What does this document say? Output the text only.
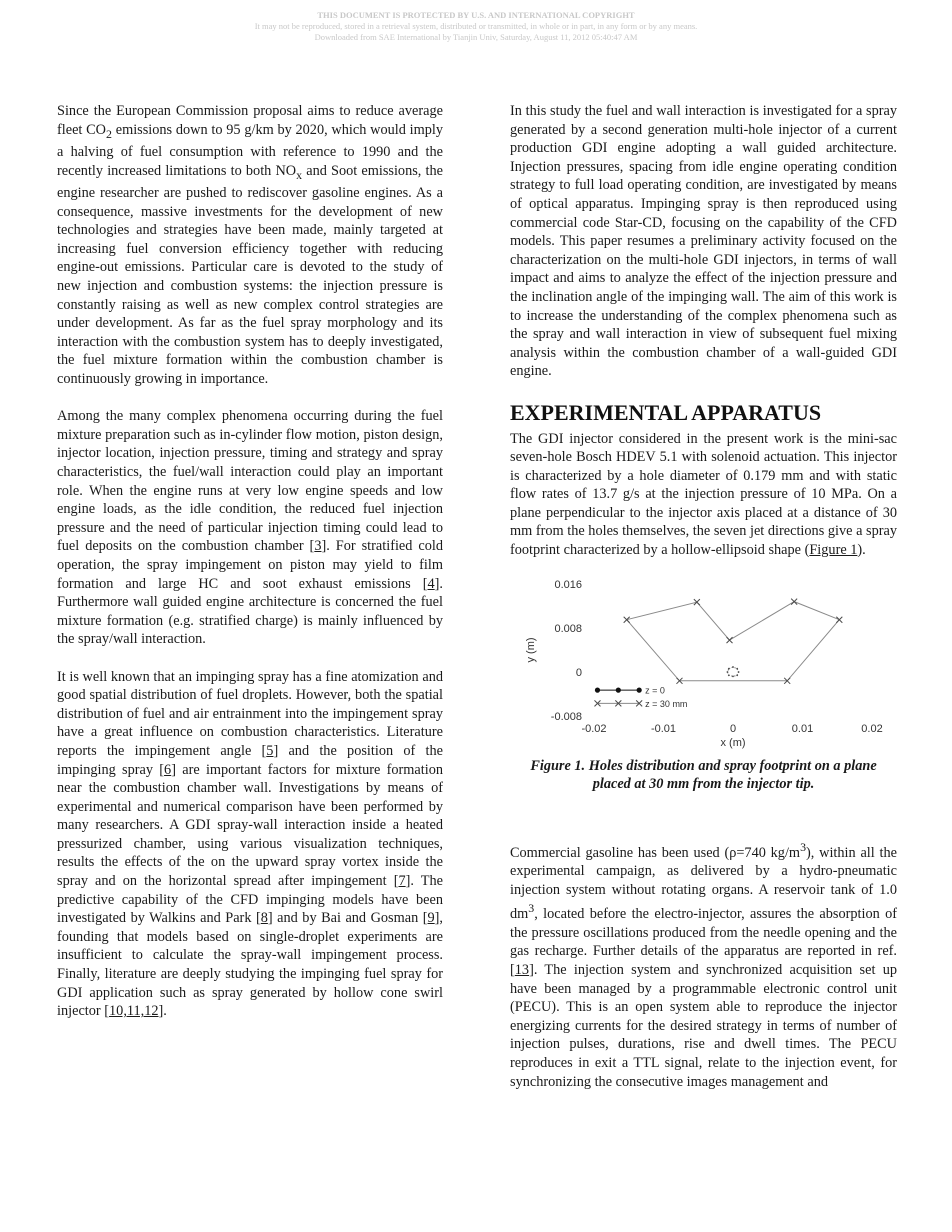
THIS DOCUMENT IS PROTECTED BY U.S. AND INTERNATIONAL COPYRIGHT
It may not be reproduced, stored in a retrieval system, distributed or transmitted, in whole or in part, in any form or by any means.
Downloaded from SAE International by Tianjin Univ, Saturday, August 11, 2012 05:40:47 AM

Since the European Commission proposal aims to reduce average fleet $CO_2$ emissions down to 95 g/km by 2020, which would imply a halving of fuel consumption with reference to 1990 and the recently increased limitations to both $NO_x$ and Soot emissions, the engine researcher are pushed to rediscover gasoline engines. As a consequence, massive investments for the development of new technologies and strategies have been made, mainly targeted at increasing fuel conversion efficiency together with reducing engine-out emissions. Particular care is devoted to the study of new injection and combustion systems: the injection pressure is constantly raising as well as new complex control strategies are under development. As far as the fuel spray morphology and its interaction with the combustion system has to deeply investigated, the fuel mixture formation within the combustion chamber is continuously growing in importance.

Among the many complex phenomena occurring during the fuel mixture preparation such as in-cylinder flow motion, piston design, injector location, injection pressure, timing and strategy and spray characteristics, the fuel/wall interaction could play an important role. When the engine runs at very low engine speeds and low engine loads, as the idle condition, the reduced fuel injection pressure and the need of particular injection timing could lead to fuel deposits on the combustion chamber [3]. For stratified cold operation, the spray impingement on piston may yield to film formation and large HC and soot exhaust emissions [4]. Furthermore wall guided engine architecture is concerned the fuel mixture formation (e.g. stratified charge) is mainly influenced by the spray/wall interaction.

It is well known that an impinging spray has a fine atomization and good spatial distribution of fuel droplets. However, both the spatial distribution of fuel and air entrainment into the impingement spray have a great influence on combustion characteristics. Literature reports the impingement angle [5] and the position of the impinging spray [6] are important factors for mixture formation near the combustion chamber wall. Investigations by means of experimental and numerical comparison have been performed by many researchers. A GDI spray-wall interaction inside a heated pressurized chamber, using various visualization techniques, results the effects of the on the upward spray vortex inside the spray and on the horizontal spread after impingement [7]. The predictive capability of the CFD impinging models have been investigated by Walkins and Park [8] and by Bai and Gosman [9], founding that models based on single-droplet experiments are insufficient to calculate the spray-wall impingement process. Finally, literature are deeply studying the impinging fuel spray for GDI application such as spray generated by hollow cone swirl injector [10,11,12].

In this study the fuel and wall interaction is investigated for a spray generated by a second generation multi-hole injector of a current production GDI engine adopting a wall guided architecture. Injection pressures, spacing from idle engine operating condition strategy to full load operating condition, are investigated by means of optical apparatus. Impinging spray is then reproduced using commercial code Star-CD, focusing on the capability of the CFD models. This paper resumes a preliminary activity focused on the characterization on the multi-hole GDI injectors, in terms of wall impact and aims to analyze the effect of the injection pressure and the inclination angle of the impinging wall. The aim of this work is to increase the understanding of the complex phenomena such as the spray and wall interaction in view of subsequent fuel mixing analysis within the combustion chamber of a wall-guided GDI engine.

EXPERIMENTAL APPARATUS

The GDI injector considered in the present work is the mini-sac seven-hole Bosch HDEV 5.1 with solenoid actuation. This injector is characterized by a hole diameter of 0.179 mm and with static flow rates of 13.7 g/s at the injection pressure of 10 MPa. On a plane perpendicular to the injector axis placed at a distance of 30 mm from the holes themselves, the seven jet directions give a spray footprint characterized by a hollow-ellipsoid shape (Figure 1).

-0.02	-0.01	0	0.01	0.02
0.016
0.008
0
-0.008
x (m)
y (m)
z = 0
z = 30 mm
Figure 1. Holes distribution and spray footprint on a plane placed at 30 mm from the injector tip.

Commercial gasoline has been used (ρ=740 $kg/m^3$), within all the experimental campaign, as delivered by a hydro-pneumatic injection system without rotating organs. A reservoir tank of 1.0 $dm^3$, located before the electro-injector, assures the absorption of the pressure oscillations produced from the needle opening and the gas recharge. Further details of the apparatus are reported in ref. [13]. The injection system and synchronized acquisition set up have been managed by a programmable electronic control unit (PECU). This is an open system able to reproduce the injector energizing currents for the desired strategy in terms of number of injection pulses, durations, rise and dwell times. The PECU reproduces in exit a TTL signal, relate to the injection event, for synchronizing the consecutive images management and
